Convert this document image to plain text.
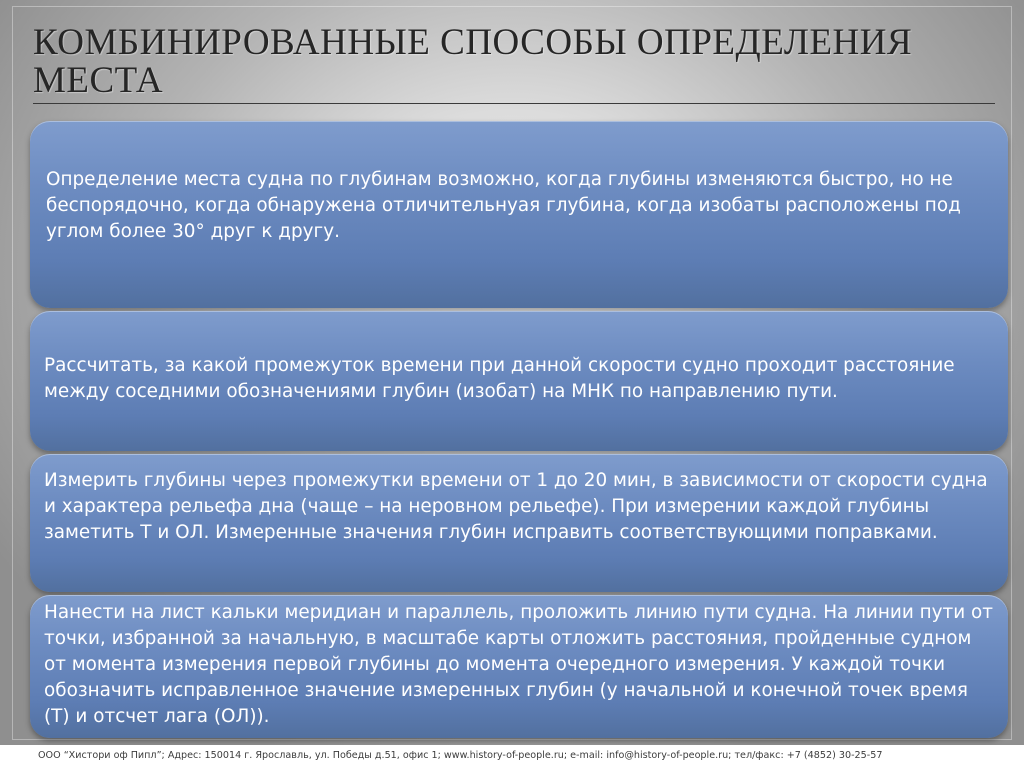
КОМБИНИРОВАННЫЕ СПОСОБЫ ОПРЕДЕЛЕНИЯ МЕСТА

Определение места судна по глубинам возможно, когда глубины изменяются быстро, но не беспорядочно, когда обнаружена отличительнуая глубина, когда изобаты расположены под углом более 30° друг к другу.

Рассчитать, за какой промежуток времени при данной скорости судно проходит расстояние между соседними обозначениями глубин (изобат) на МНК по направлению пути.

Измерить глубины через промежутки времени от 1 до 20 мин, в зависимости от скорости судна и характера рельефа дна (чаще – на неровном рельефе). При измерении каждой глубины заметить Т и ОЛ. Измеренные значения глубин исправить соответствующими поправками.

Нанести на лист кальки меридиан и параллель, проложить линию пути судна. На линии пути от точки, избранной за начальную, в масштабе карты отложить расстояния, пройденные судном от момента измерения первой глубины до момента очередного измерения. У каждой точки обозначить исправленное значение измеренных глубин (у начальной и конечной точек время (Т) и отсчет лага (ОЛ)).

ООО “Хистори оф Пипл”; Адрес: 150014 г. Ярославль, ул. Победы д.51, офис 1; www.history-of-people.ru; e-mail: info@history-of-people.ru; тел/факс: +7 (4852) 30-25-57
